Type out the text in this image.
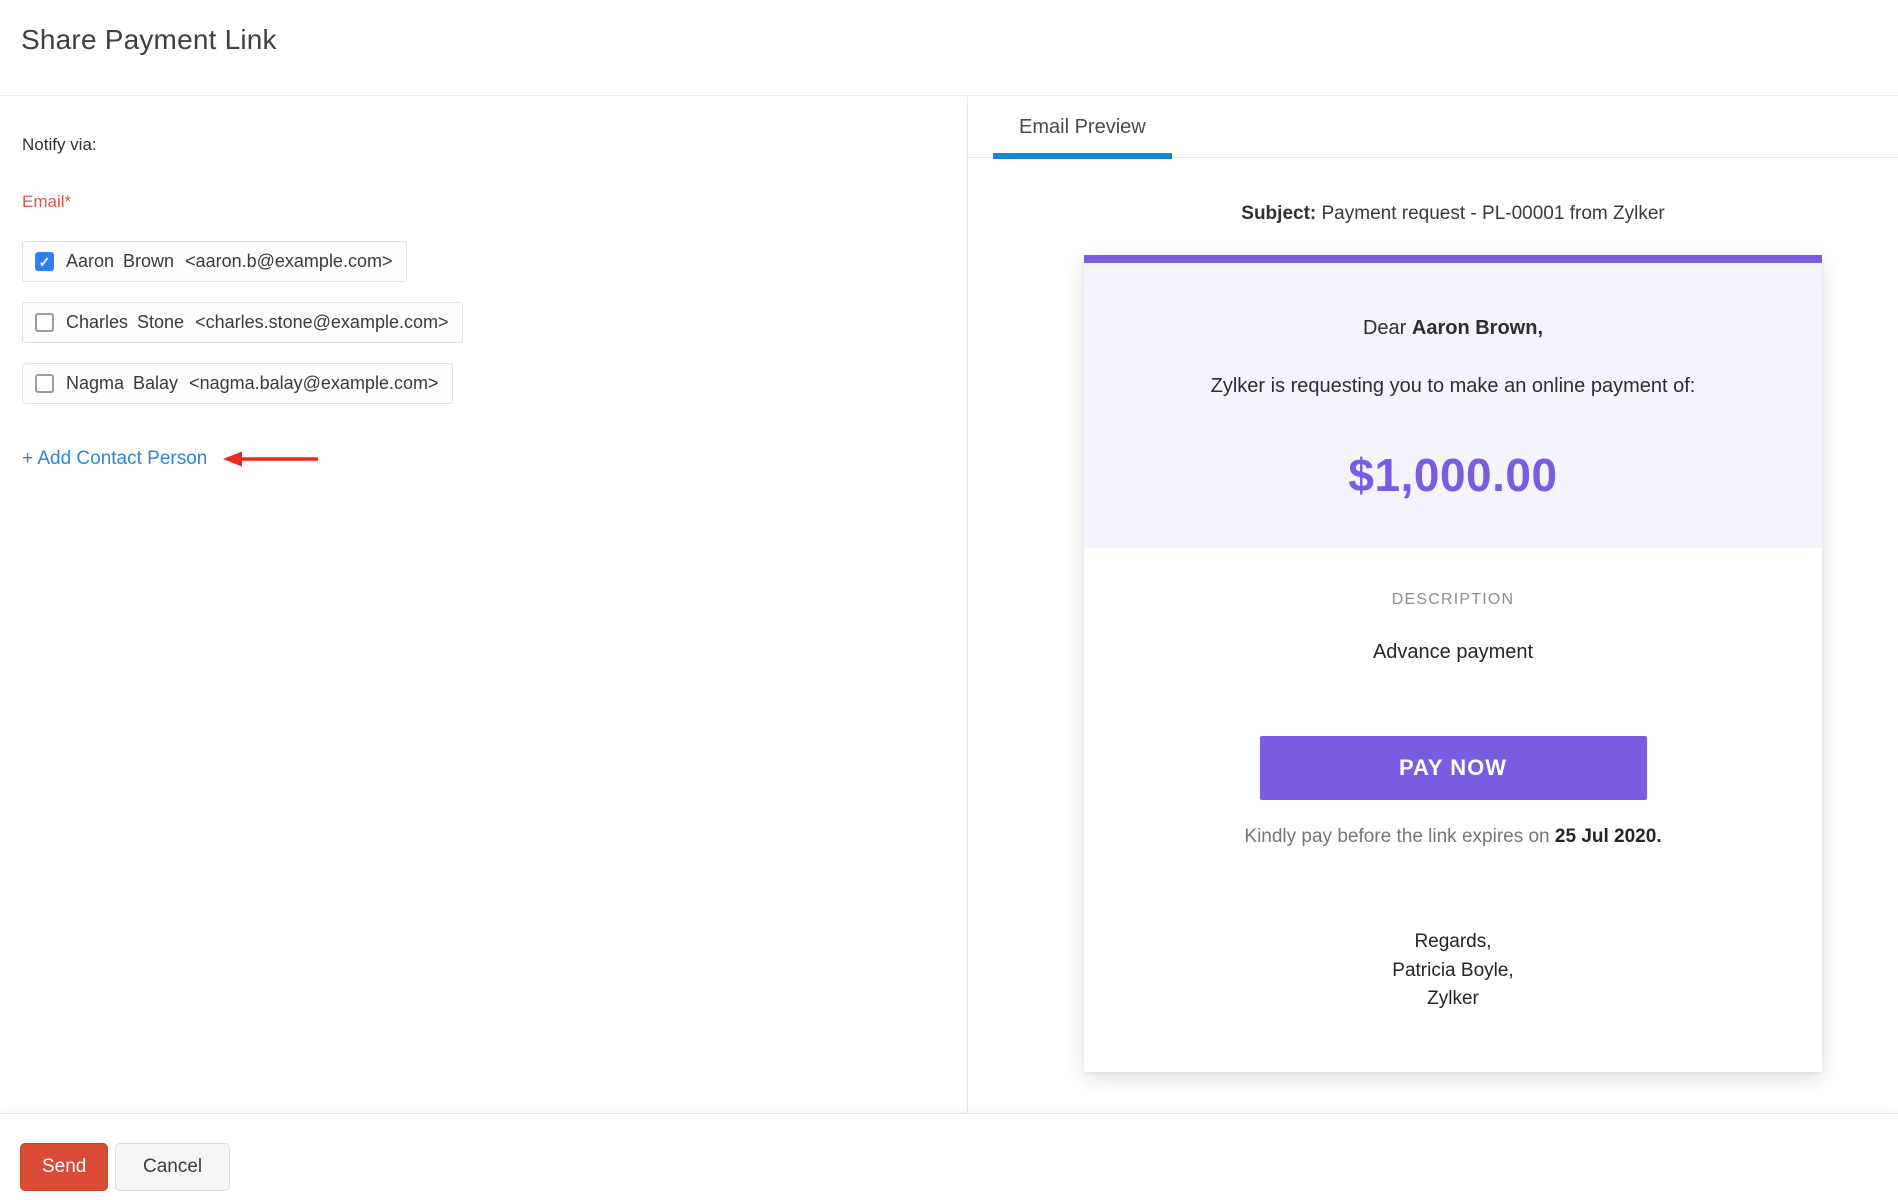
Share Payment Link
Notify via:
Email*
✓
Aaron Brown <aaron.b@example.com>
Charles Stone <charles.stone@example.com>
Nagma Balay <nagma.balay@example.com>
+ Add Contact Person
Email Preview
Subject: Payment request - PL-00001 from Zylker
Dear Aaron Brown,
Zylker is requesting you to make an online payment of:
$1,000.00
DESCRIPTION
Advance payment
PAY NOW
Kindly pay before the link expires on 25 Jul 2020.
Regards,
Patricia Boyle,
Zylker
Send	Cancel
